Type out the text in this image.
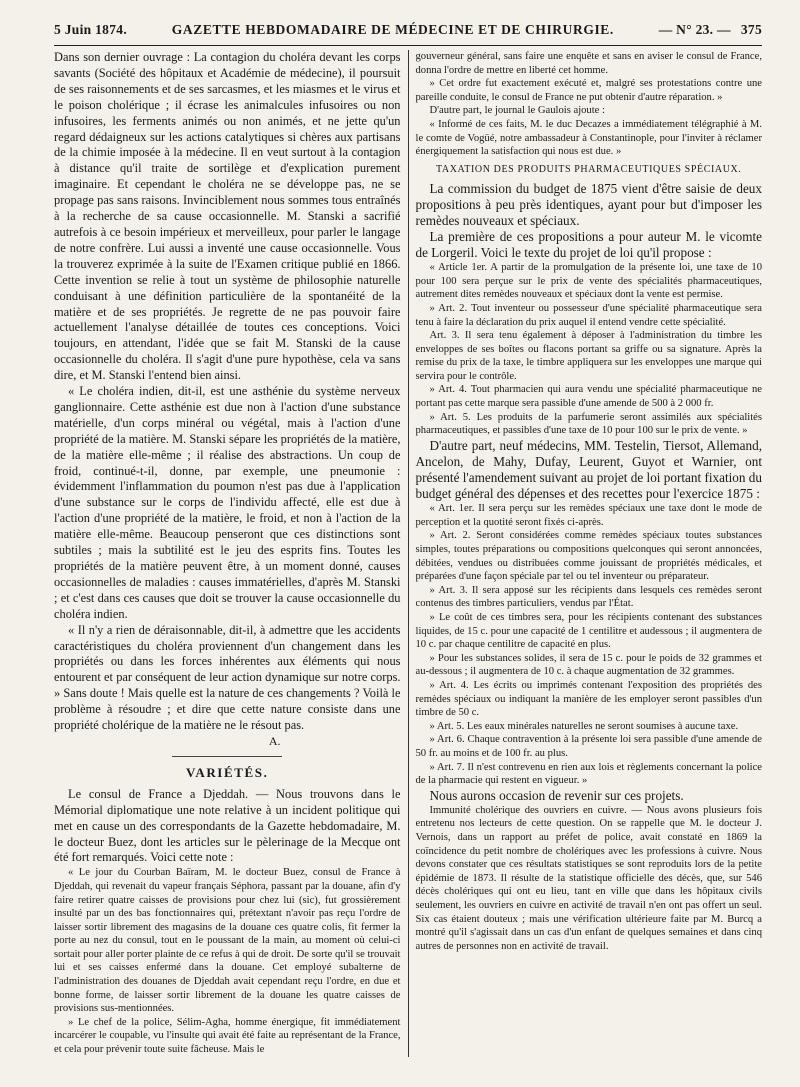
5 Juin 1874.	GAZETTE HEBDOMADAIRE DE MÉDECINE ET DE CHIRURGIE.	— N° 23. — 375

Dans son dernier ouvrage : La contagion du choléra devant les corps savants (Société des hôpitaux et Académie de médecine), il poursuit de ses raisonnements et de ses sarcasmes, et les miasmes et le virus et le poison cholérique ; il écrase les animalcules infusoires ou non infusoires, les ferments animés ou non animés, et ne jette qu'un regard dédaigneux sur les actions catalytiques si chères aux partisans de la chimie imposée à la médecine. Il en veut surtout à la contagion à distance qu'il traite de sortilège et d'explication purement imaginaire. Et cependant le choléra ne se développe pas, ne se propage pas sans raisons. Invinciblement nous sommes tous entraînés à la recherche de sa cause occasionnelle. M. Stanski a sacrifié autrefois à ce besoin impérieux et merveilleux, pour parler le langage de notre confrère. Lui aussi a inventé une cause occasionnelle. Vous la trouverez exprimée à la suite de l'Examen critique publié en 1866. Cette invention se relie à tout un système de philosophie naturelle conduisant à une définition particulière de la spontanéité de la matière et de ses propriétés. Je regrette de ne pas pouvoir faire actuellement l'analyse détaillée de toutes ces conceptions. Voici toujours, en attendant, l'idée que se fait M. Stanski de la cause occasionnelle du choléra. Il s'agit d'une pure hypothèse, cela va sans dire, et M. Stanski l'entend bien ainsi.

« Le choléra indien, dit-il, est une asthénie du système nerveux ganglionnaire. Cette asthénie est due non à l'action d'une substance matérielle, d'un corps minéral ou végétal, mais à l'action d'une propriété de la matière. M. Stanski sépare les propriétés de la matière, de la matière elle-même ; il réalise des abstractions. Un coup de froid, continué-t-il, donne, par exemple, une pneumonie : évidemment l'inflammation du poumon n'est pas due à l'application d'une substance sur le corps de l'individu affecté, elle est due à l'action d'une propriété de la matière, le froid, et non à l'action de la matière elle-même. Beaucoup penseront que ces distinctions sont subtiles ; mais la subtilité est le jeu des esprits fins. Toutes les propriétés de la matière peuvent être, à un moment donné, causes occasionnelles de maladies : causes immatérielles, d'après M. Stanski ; et c'est dans ces causes que doit se trouver la cause occasionnelle du choléra indien.

« Il n'y a rien de déraisonnable, dit-il, à admettre que les accidents caractéristiques du choléra proviennent d'un changement dans les propriétés ou dans les forces inhérentes aux éléments qui nous entourent et par conséquent de leur action dynamique sur notre corps. » Sans doute ! Mais quelle est la nature de ces changements ? Voilà le problème à résoudre ; et dire que cette nature consiste dans une propriété cholérique de la matière ne le résout pas.

A.
VARIÉTÉS.

Le consul de France a Djeddah. — Nous trouvons dans le Mémorial diplomatique une note relative à un incident politique qui met en cause un des correspondants de la Gazette hebdomadaire, M. le docteur Buez, dont les articles sur le pèlerinage de la Mecque ont été fort remarqués. Voici cette note :

« Le jour du Courban Baïram, M. le docteur Buez, consul de France à Djeddah, qui revenait du vapeur français Séphora, passant par la douane, afin d'y faire retirer quatre caisses de provisions pour chez lui (sic), fut grossièrement insulté par un des bas fonctionnaires qui, prétextant n'avoir pas reçu l'ordre de laisser sortir librement des magasins de la douane ces quatre colis, fit fermer la porte au nez du consul, tout en le poussant de la main, au moment où celui-ci sortait pour aller porter plainte de ce refus à qui de droit. De sorte qu'il se trouvait lui et ses caisses enfermé dans la douane. Cet employé subalterne de l'administration des douanes de Djeddah avait cependant reçu l'ordre, en due et bonne forme, de laisser sortir librement de la douane les quatre caisses de provisions sus-mentionnées.

» Le chef de la police, Sélim-Agha, homme énergique, fit immédiatement incarcérer le coupable, vu l'insulte qui avait été faite au représentant de la France, et cela pour prévenir toute suite fâcheuse. Mais le

gouverneur général, sans faire une enquête et sans en aviser le consul de France, donna l'ordre de mettre en liberté cet homme.

» Cet ordre fut exactement exécuté et, malgré ses protestations contre une pareille conduite, le consul de France ne put obtenir d'autre réparation. »

D'autre part, le journal le Gaulois ajoute :

« Informé de ces faits, M. le duc Decazes a immédiatement télégraphié à M. le comte de Vogüé, notre ambassadeur à Constantinople, pour l'inviter à réclamer énergiquement la satisfaction qui nous est due. »

TAXATION DES PRODUITS PHARMACEUTIQUES SPÉCIAUX.

La commission du budget de 1875 vient d'être saisie de deux propositions à peu près identiques, ayant pour but d'imposer les remèdes nouveaux et spéciaux.

La première de ces propositions a pour auteur M. le vicomte de Lorgeril. Voici le texte du projet de loi qu'il propose :

« Article 1er. A partir de la promulgation de la présente loi, une taxe de 10 pour 100 sera perçue sur le prix de vente des spécialités pharmaceutiques, autrement dites remèdes nouveaux et spéciaux dont la vente est permise.

» Art. 2. Tout inventeur ou possesseur d'une spécialité pharmaceutique sera tenu à faire la déclaration du prix auquel il entend vendre cette spécialité.

Art. 3. Il sera tenu également à déposer à l'administration du timbre les enveloppes de ses boîtes ou flacons portant sa griffe ou sa signature. Après la remise du prix de la taxe, le timbre appliquera sur les enveloppes une marque qui servira pour le contrôle.

» Art. 4. Tout pharmacien qui aura vendu une spécialité pharmaceutique ne portant pas cette marque sera passible d'une amende de 500 à 2 000 fr.

» Art. 5. Les produits de la parfumerie seront assimilés aux spécialités pharmaceutiques, et passibles d'une taxe de 10 pour 100 sur le prix de vente. »

D'autre part, neuf médecins, MM. Testelin, Tiersot, Allemand, Ancelon, de Mahy, Dufay, Leurent, Guyot et Warnier, ont présenté l'amendement suivant au projet de loi portant fixation du budget général des dépenses et des recettes pour l'exercice 1875 :

« Art. 1er. Il sera perçu sur les remèdes spéciaux une taxe dont le mode de perception et la quotité seront fixés ci-après.

» Art. 2. Seront considérées comme remèdes spéciaux toutes substances simples, toutes préparations ou compositions quelconques qui seront annoncées, débitées, vendues ou distribuées comme jouissant de propriétés médicales, et préparées d'une façon spéciale par tel ou tel inventeur ou préparateur.

» Art. 3. Il sera apposé sur les récipients dans lesquels ces remèdes seront contenus des timbres particuliers, vendus par l'État.

» Le coût de ces timbres sera, pour les récipients contenant des substances liquides, de 15 c. pour une capacité de 1 centilitre et audessous ; il augmentera de 10 c. par chaque centilitre de capacité en plus.

» Pour les substances solides, il sera de 15 c. pour le poids de 32 grammes et au-dessous ; il augmentera de 10 c. à chaque augmentation de 32 grammes.

» Art. 4. Les écrits ou imprimés contenant l'exposition des propriétés des remèdes spéciaux ou indiquant la manière de les employer seront passibles d'un timbre de 50 c.

» Art. 5. Les eaux minérales naturelles ne seront soumises à aucune taxe.

» Art. 6. Chaque contravention à la présente loi sera passible d'une amende de 50 fr. au moins et de 100 fr. au plus.

» Art. 7. Il n'est contrevenu en rien aux lois et règlements concernant la police de la pharmacie qui restent en vigueur. »

Nous aurons occasion de revenir sur ces projets.

Immunité cholérique des ouvriers en cuivre. — Nous avons plusieurs fois entretenu nos lecteurs de cette question. On se rappelle que M. le docteur J. Vernois, dans un rapport au préfet de police, avait constaté en 1869 la coïncidence du petit nombre de cholériques avec les professions à cuivre. Nous devons constater que ces résultats statistiques se sont reproduits lors de la petite épidémie de 1873. Il résulte de la statistique officielle des décès, que, sur 546 décès cholériques qui ont eu lieu, tant en ville que dans les hôpitaux civils seulement, les ouvriers en cuivre en activité de travail n'en ont pas offert un seul. Six cas étaient douteux ; mais une vérification ultérieure faite par M. Burcq a montré qu'il s'agissait dans un cas d'un enfant de quelques semaines et dans cinq autres de personnes non en activité de travail.
